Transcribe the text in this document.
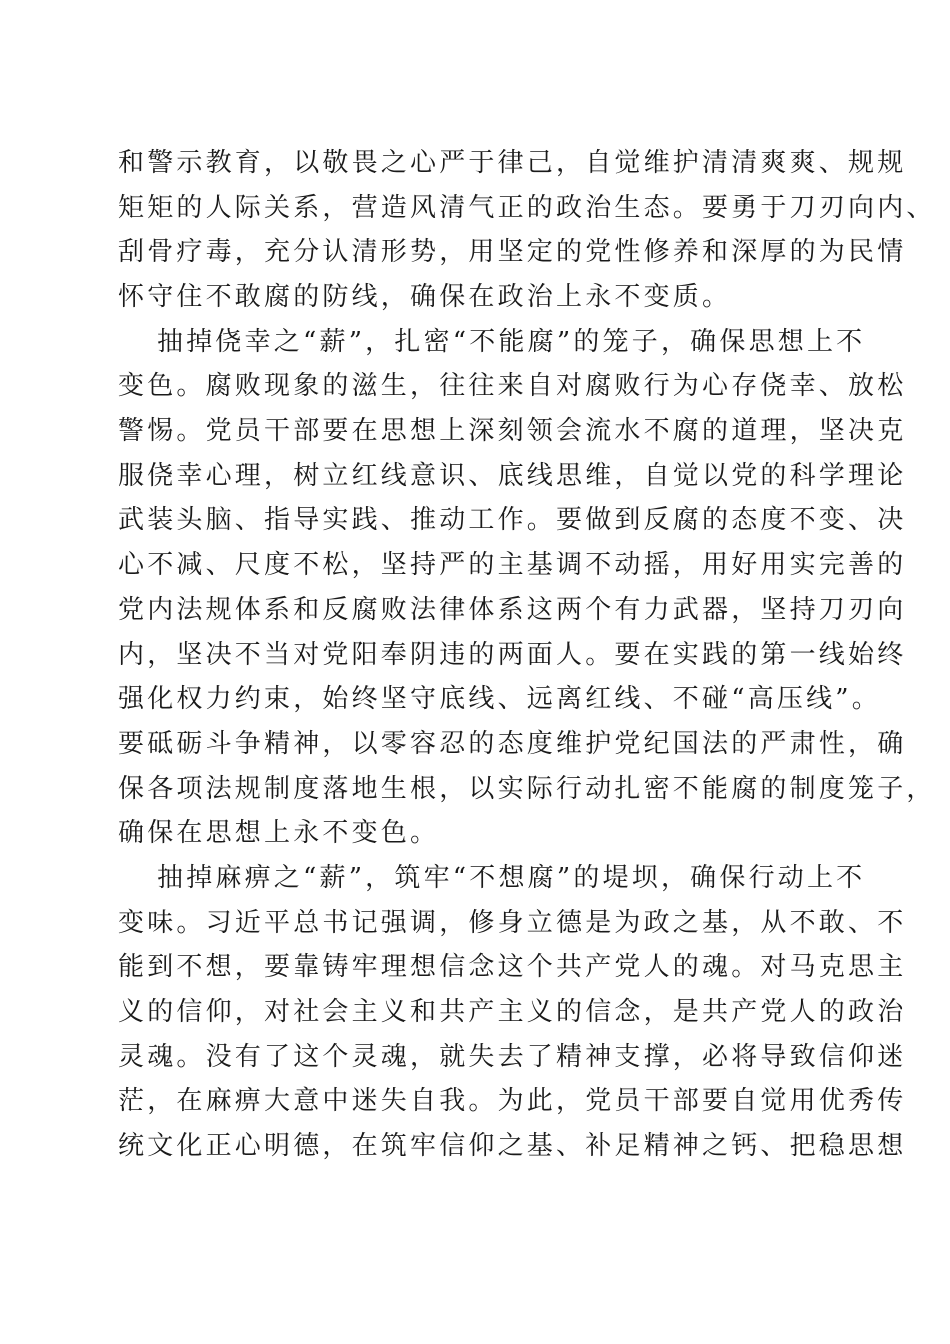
和警示教育，以敬畏之心严于律己，自觉维护清清爽爽、规规
矩矩的人际关系，营造风清气正的政治生态。要勇于刀刃向内、
刮骨疗毒，充分认清形势，用坚定的党性修养和深厚的为民情
怀守住不敢腐的防线，确保在政治上永不变质。
抽掉侥幸之“薪”，扎密“不能腐”的笼子，确保思想上不
变色。腐败现象的滋生，往往来自对腐败行为心存侥幸、放松
警惕。党员干部要在思想上深刻领会流水不腐的道理，坚决克
服侥幸心理，树立红线意识、底线思维，自觉以党的科学理论
武装头脑、指导实践、推动工作。要做到反腐的态度不变、决
心不减、尺度不松，坚持严的主基调不动摇，用好用实完善的
党内法规体系和反腐败法律体系这两个有力武器，坚持刀刃向
内，坚决不当对党阳奉阴违的两面人。要在实践的第一线始终
强化权力约束，始终坚守底线、远离红线、不碰“高压线”。
要砥砺斗争精神，以零容忍的态度维护党纪国法的严肃性，确
保各项法规制度落地生根，以实际行动扎密不能腐的制度笼子，
确保在思想上永不变色。
抽掉麻痹之“薪”，筑牢“不想腐”的堤坝，确保行动上不
变味。习近平总书记强调，修身立德是为政之基，从不敢、不
能到不想，要靠铸牢理想信念这个共产党人的魂。对马克思主
义的信仰，对社会主义和共产主义的信念，是共产党人的政治
灵魂。没有了这个灵魂，就失去了精神支撑，必将导致信仰迷
茫，在麻痹大意中迷失自我。为此，党员干部要自觉用优秀传
统文化正心明德，在筑牢信仰之基、补足精神之钙、把稳思想
